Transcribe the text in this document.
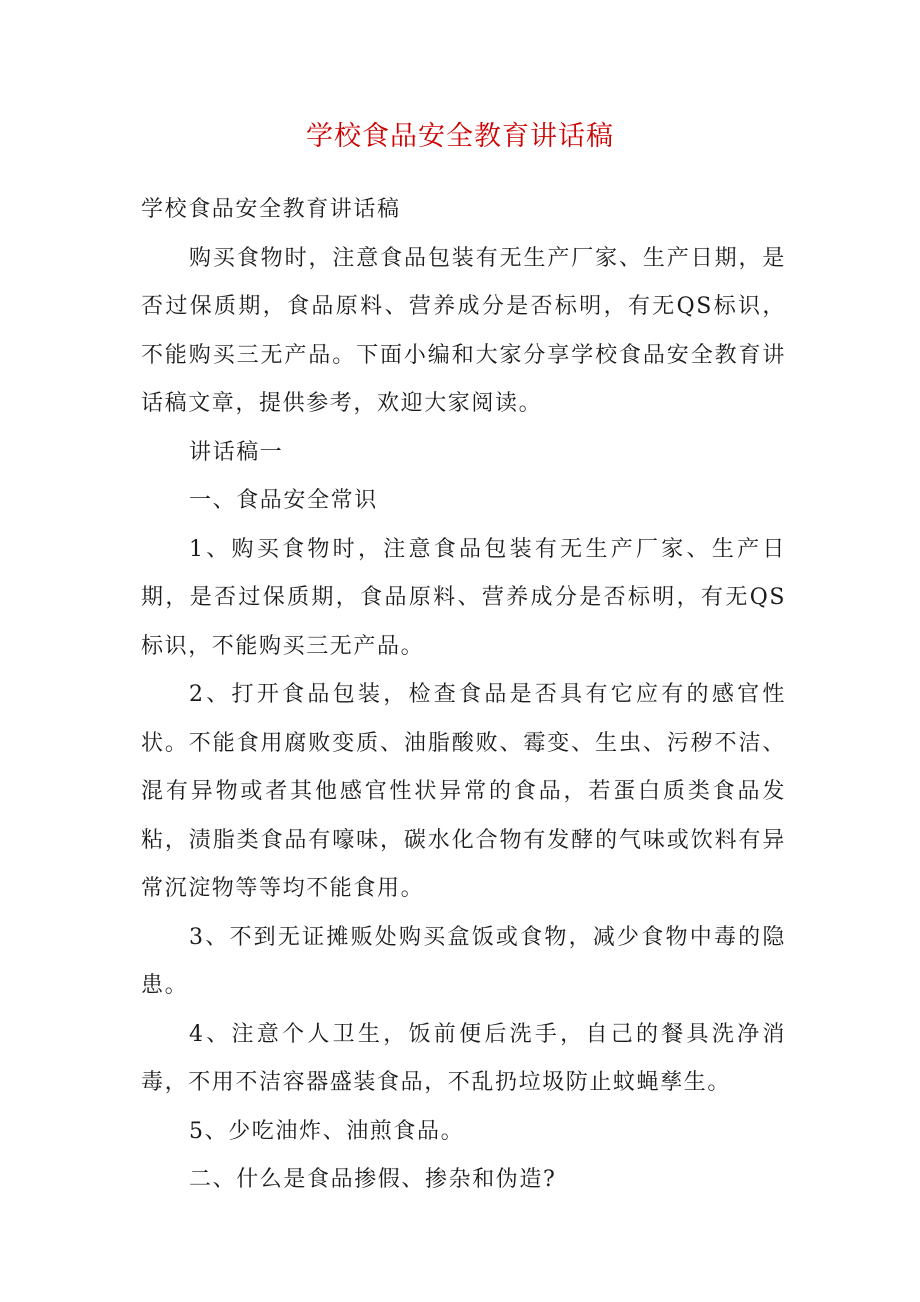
学校食品安全教育讲话稿

学校食品安全教育讲话稿

购买食物时，注意食品包装有无生产厂家、生产日期，是否过保质期，食品原料、营养成分是否标明，有无QS标识，不能购买三无产品。下面小编和大家分享学校食品安全教育讲话稿文章，提供参考，欢迎大家阅读。

讲话稿一

一、食品安全常识

1、购买食物时，注意食品包装有无生产厂家、生产日期，是否过保质期，食品原料、营养成分是否标明，有无QS标识，不能购买三无产品。

2、打开食品包装，检查食品是否具有它应有的感官性状。不能食用腐败变质、油脂酸败、霉变、生虫、污秽不洁、混有异物或者其他感官性状异常的食品，若蛋白质类食品发粘，渍脂类食品有嚎味，碳水化合物有发酵的气味或饮料有异常沉淀物等等均不能食用。

3、不到无证摊贩处购买盒饭或食物，减少食物中毒的隐患。

4、注意个人卫生，饭前便后洗手，自己的餐具洗净消毒，不用不洁容器盛装食品，不乱扔垃圾防止蚊蝇孳生。

5、少吃油炸、油煎食品。

二、什么是食品掺假、掺杂和伪造?
